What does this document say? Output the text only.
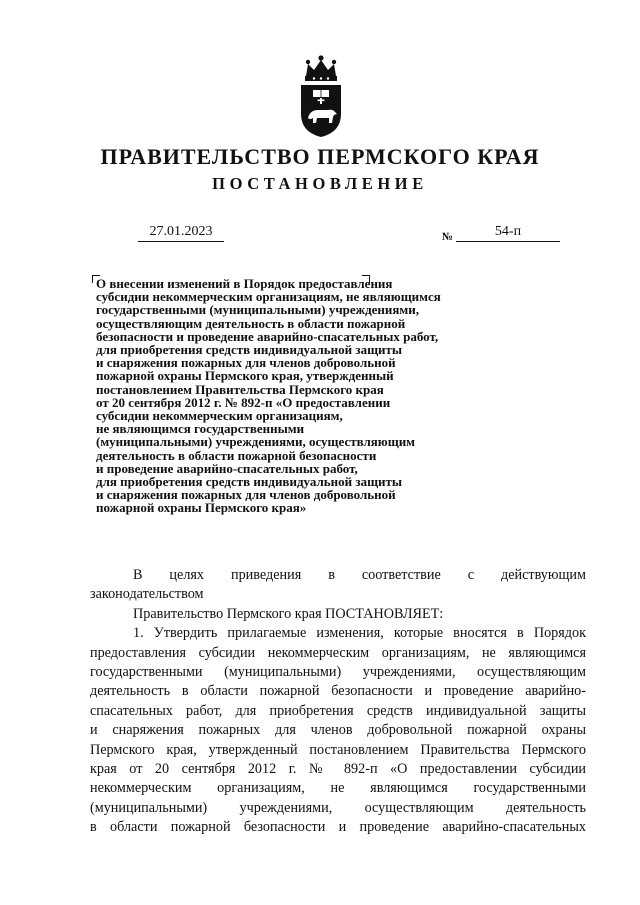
ПРАВИТЕЛЬСТВО ПЕРМСКОГО КРАЯ
ПОСТАНОВЛЕНИЕ
27.01.2023	№	54-п
О внесении изменений в Порядок предоставления
субсидии некоммерческим организациям, не являющимся
государственными (муниципальными) учреждениями,
осуществляющим деятельность в области пожарной
безопасности и проведение аварийно-спасательных работ,
для приобретения средств индивидуальной защиты
и снаряжения пожарных для членов добровольной
пожарной охраны Пермского края, утвержденный
постановлением Правительства Пермского края
от 20 сентября 2012 г. № 892-п «О предоставлении
субсидии некоммерческим организациям,
не являющимся государственными
(муниципальными) учреждениями, осуществляющим
деятельность в области пожарной безопасности
и проведение аварийно-спасательных работ,
для приобретения средств индивидуальной защиты
и снаряжения пожарных для членов добровольной
пожарной охраны Пермского края»
В целях приведения в соответствие с действующим
законодательством
Правительство Пермского края ПОСТАНОВЛЯЕТ:
1. Утвердить прилагаемые изменения, которые вносятся в Порядок
предоставления субсидии некоммерческим организациям, не являющимся
государственными (муниципальными) учреждениями, осуществляющим
деятельность в области пожарной безопасности и проведение аварийно-
спасательных работ, для приобретения средств индивидуальной защиты
и снаряжения пожарных для членов добровольной пожарной охраны
Пермского края, утвержденный постановлением Правительства Пермского
края от 20 сентября 2012 г. № 892-п «О предоставлении субсидии
некоммерческим организациям, не являющимся государственными
(муниципальными) учреждениями, осуществляющим деятельность
в области пожарной безопасности и проведение аварийно-спасательных
